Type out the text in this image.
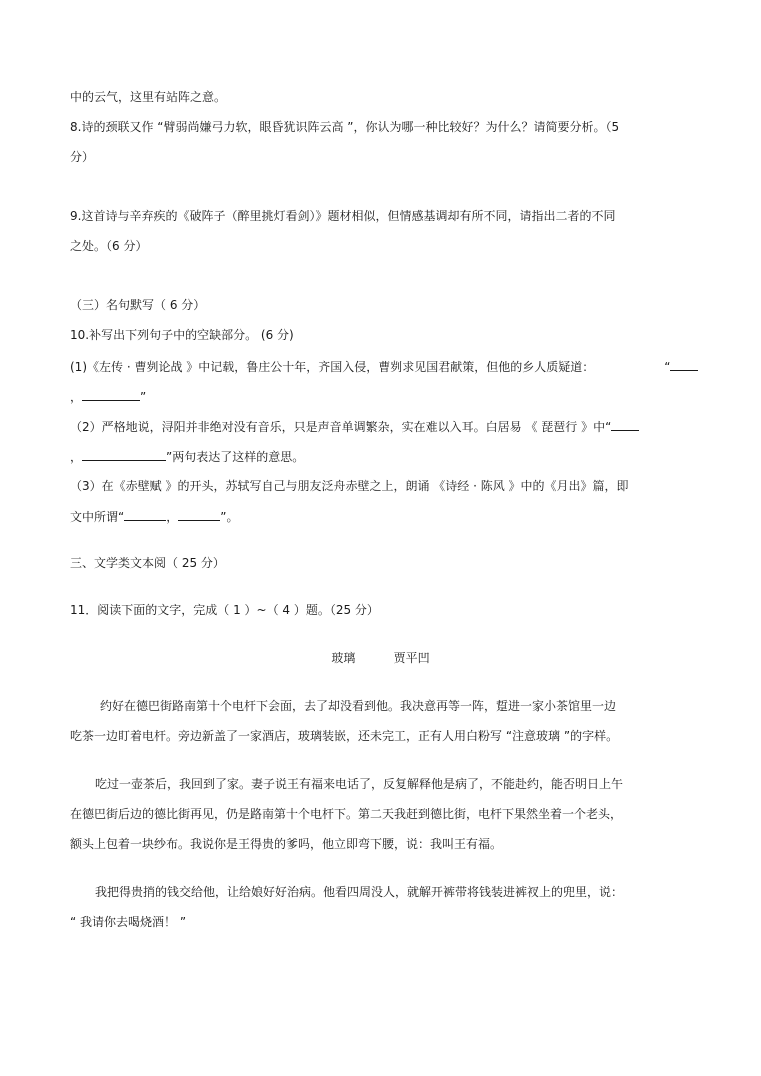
中的云气，这里有站阵之意。
8.诗的颈联又作 “臂弱尚嫌弓力软，眼昏犹识阵云高 ”，你认为哪一种比较好？为什么？请简要分析。（5
分）
9.这首诗与辛弃疾的《破阵子（醉里挑灯看剑）》题材相似，但情感基调却有所不同，请指出二者的不同
之处。（6 分）
（三）名句默写（ 6 分）
10.补写出下列句子中的空缺部分。 (6 分)
(1)《左传 · 曹刿论战 》中记载，鲁庄公十年，齐国入侵，曹刿求见国君献策，但他的乡人质疑道：	“
，	”
（2）严格地说，浔阳并非绝对没有音乐，只是声音单调繁杂，实在难以入耳。白居易 《 琵琶行 》中“
，	”两句表达了这样的意思。
（3）在《赤壁赋 》的开头，苏轼写自己与朋友泛舟赤壁之上，朗诵 《诗经 · 陈风 》中的《月出》篇，即
文中所谓“	，	”。
三、文学类文本阅（ 25 分）
11．阅读下面的文字，完成（ 1 ）~（ 4 ）题。（25 分）
玻璃	贾平凹
约好在德巴街路南第十个电杆下会面，去了却没看到他。我决意再等一阵，踅进一家小茶馆里一边
吃茶一边盯着电杆。旁边新盖了一家酒店，玻璃装嵌，还未完工，正有人用白粉写 “注意玻璃 ”的字样。
吃过一壶茶后，我回到了家。妻子说王有福来电话了，反复解释他是病了，不能赴约，能否明日上午
在德巴街后边的德比街再见，仍是路南第十个电杆下。第二天我赶到德比街，电杆下果然坐着一个老头，
额头上包着一块纱布。我说你是王得贵的爹吗，他立即弯下腰，说：我叫王有福。
我把得贵捎的钱交给他，让给娘好好治病。他看四周没人，就解开裤带将钱装进裤衩上的兜里，说：
“ 我请你去喝烧酒！ ”
